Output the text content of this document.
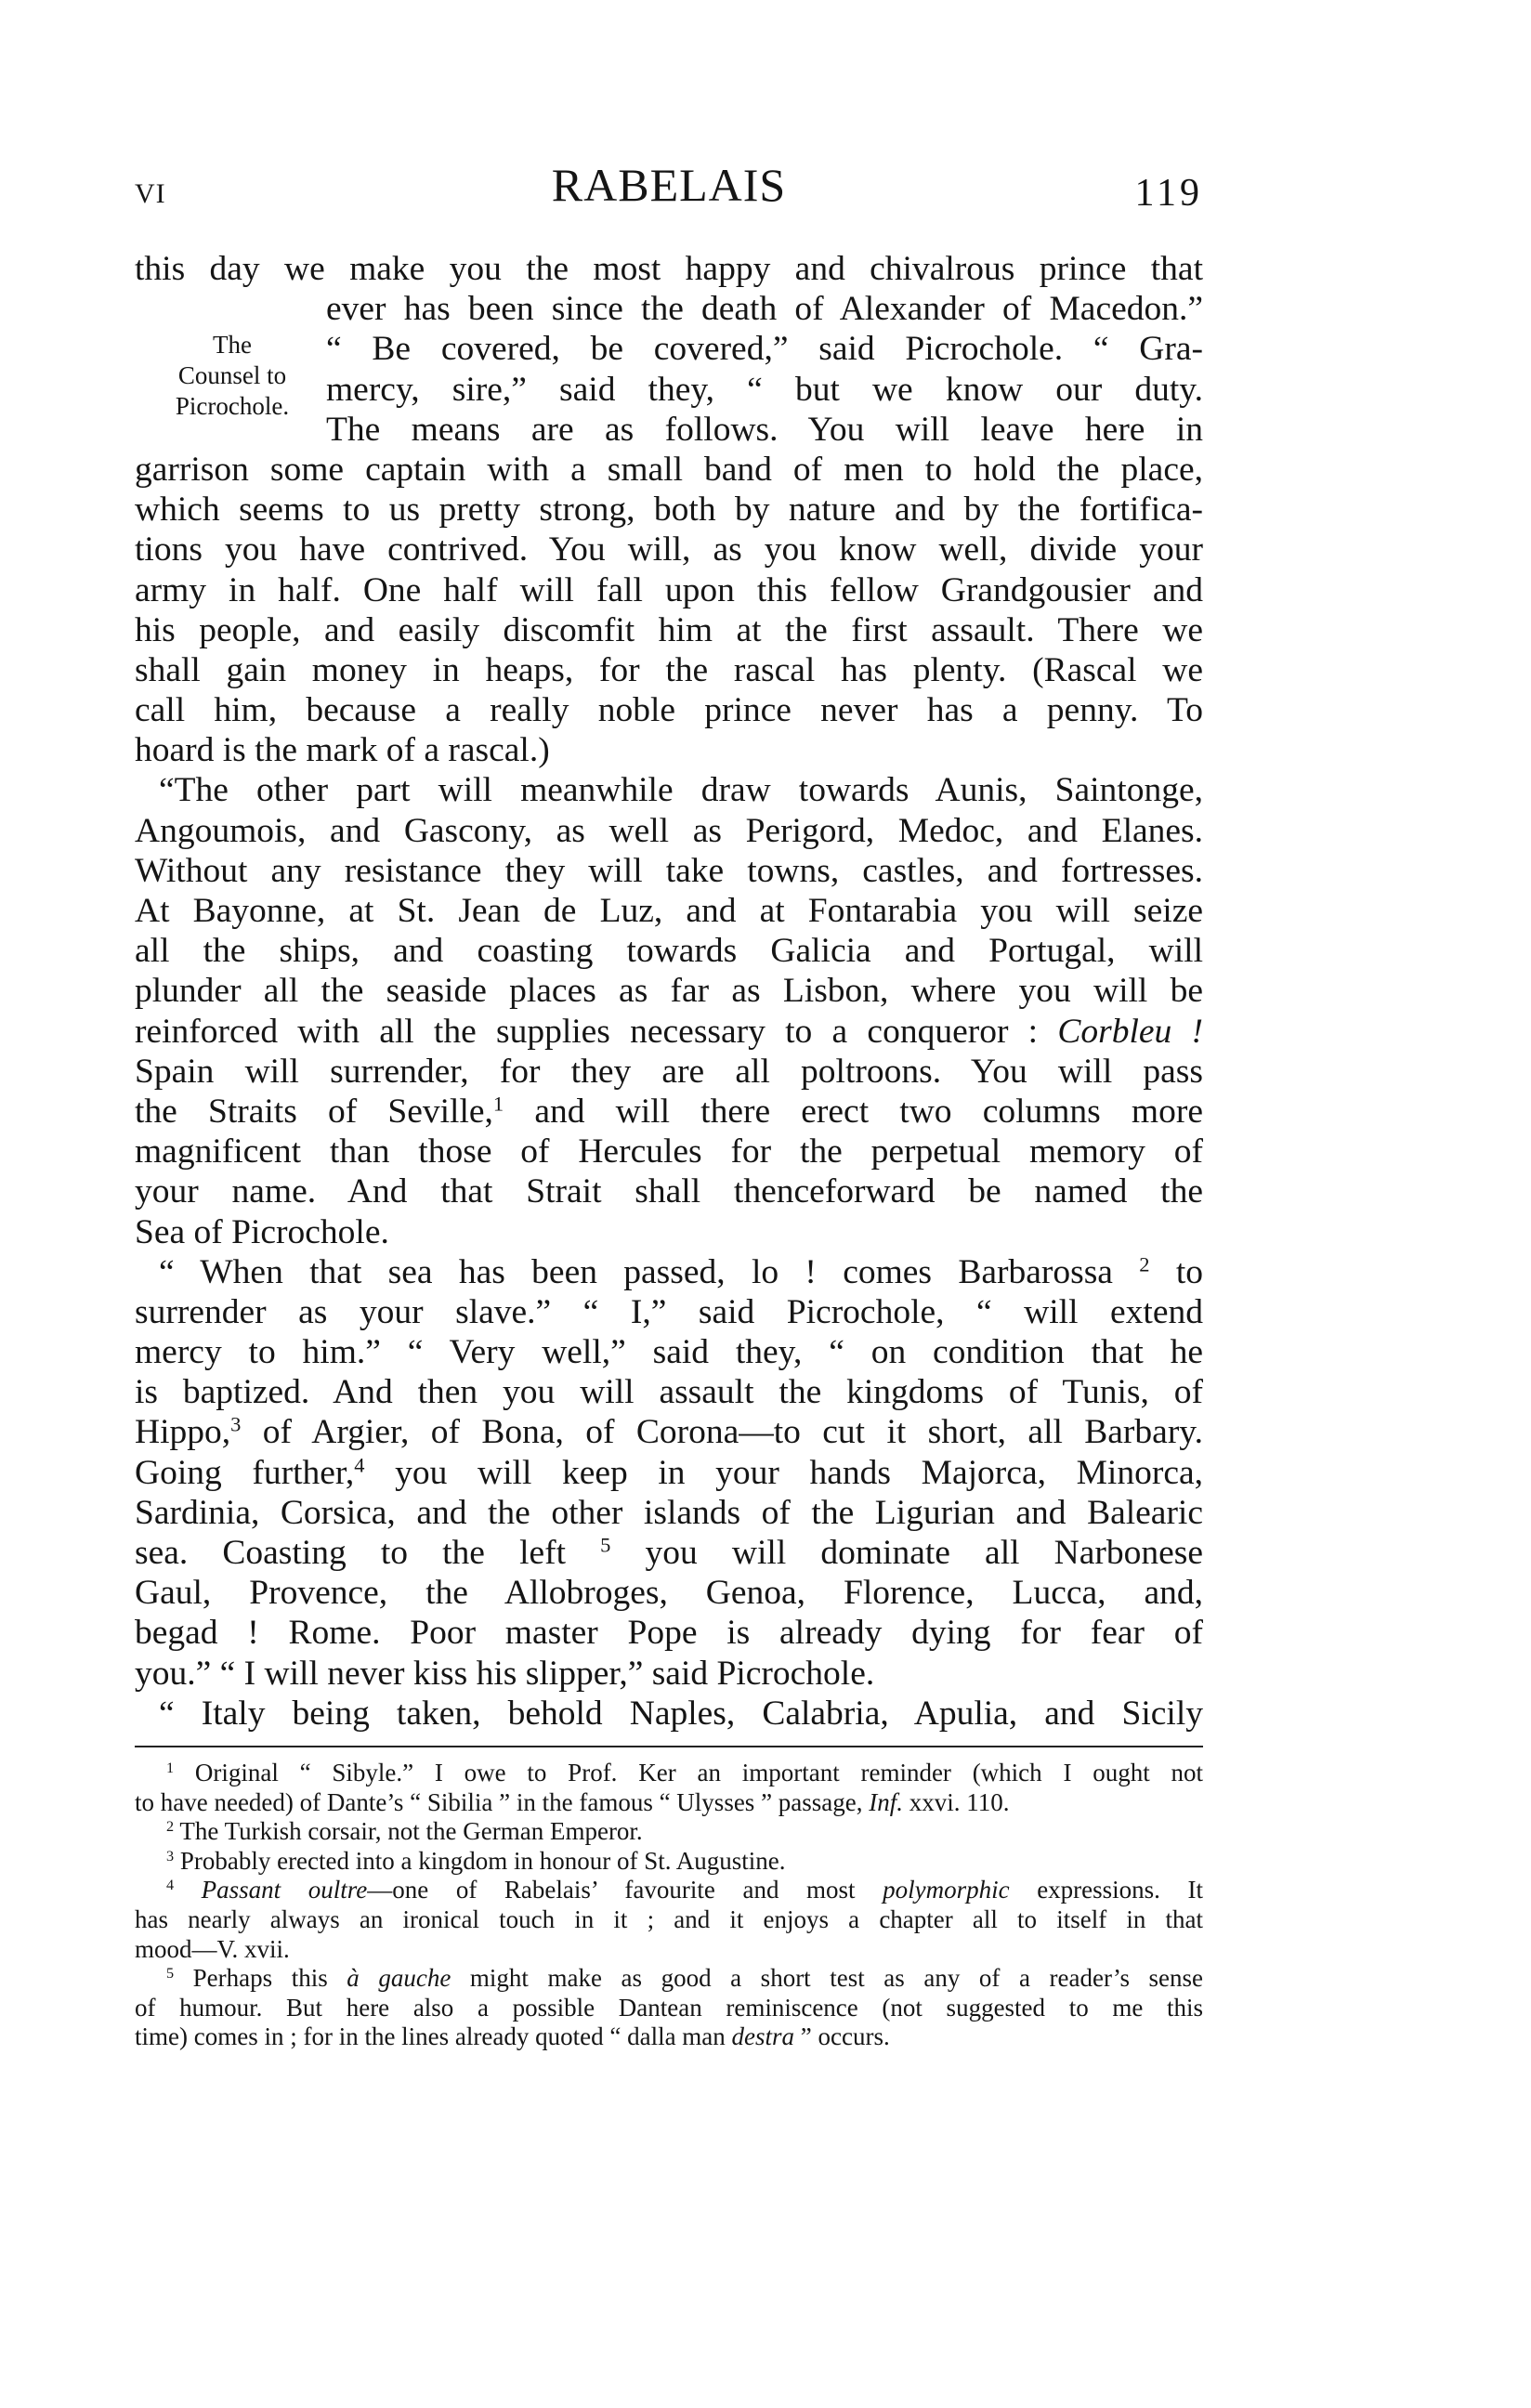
VI	RABELAIS	119
The
Counsel to
Picrochole.
this day we make you the most happy and chivalrous prince that
ever has been since the death of Alexander of Macedon.”
“ Be covered, be covered,” said Picrochole. “ Gra-
mercy, sire,” said they, “ but we know our duty.
The means are as follows. You will leave here in
garrison some captain with a small band of men to hold the place,
which seems to us pretty strong, both by nature and by the fortifica-
tions you have contrived. You will, as you know well, divide your
army in half. One half will fall upon this fellow Grandgousier and
his people, and easily discomfit him at the first assault. There we
shall gain money in heaps, for the rascal has plenty. (Rascal we
call him, because a really noble prince never has a penny. To
hoard is the mark of a rascal.)
“The other part will meanwhile draw towards Aunis, Saintonge,
Angoumois, and Gascony, as well as Perigord, Medoc, and Elanes.
Without any resistance they will take towns, castles, and fortresses.
At Bayonne, at St. Jean de Luz, and at Fontarabia you will seize
all the ships, and coasting towards Galicia and Portugal, will
plunder all the seaside places as far as Lisbon, where you will be
reinforced with all the supplies necessary to a conqueror : Corbleu !
Spain will surrender, for they are all poltroons. You will pass
the Straits of Seville,$^1$ and will there erect two columns more
magnificent than those of Hercules for the perpetual memory of
your name. And that Strait shall thenceforward be named the
Sea of Picrochole.
“ When that sea has been passed, lo ! comes Barbarossa $^2$ to
surrender as your slave.” “ I,” said Picrochole, “ will extend
mercy to him.” “ Very well,” said they, “ on condition that he
is baptized. And then you will assault the kingdoms of Tunis, of
Hippo,$^3$ of Argier, of Bona, of Corona—to cut it short, all Barbary.
Going further,$^4$ you will keep in your hands Majorca, Minorca,
Sardinia, Corsica, and the other islands of the Ligurian and Balearic
sea. Coasting to the left $^5$ you will dominate all Narbonese
Gaul, Provence, the Allobroges, Genoa, Florence, Lucca, and,
begad ! Rome. Poor master Pope is already dying for fear of
you.” “ I will never kiss his slipper,” said Picrochole.
“ Italy being taken, behold Naples, Calabria, Apulia, and Sicily
$^1$ Original “ Sibyle.” I owe to Prof. Ker an important reminder (which I ought not
to have needed) of Dante’s “ Sibilia ” in the famous “ Ulysses ” passage, Inf. xxvi. 110.
$^2$ The Turkish corsair, not the German Emperor.
$^3$ Probably erected into a kingdom in honour of St. Augustine.
$^4$ Passant oultre—one of Rabelais’ favourite and most polymorphic expressions. It
has nearly always an ironical touch in it ; and it enjoys a chapter all to itself in that
mood—V. xvii.
$^5$ Perhaps this à gauche might make as good a short test as any of a reader’s sense
of humour. But here also a possible Dantean reminiscence (not suggested to me this
time) comes in ; for in the lines already quoted “ dalla man destra ” occurs.
